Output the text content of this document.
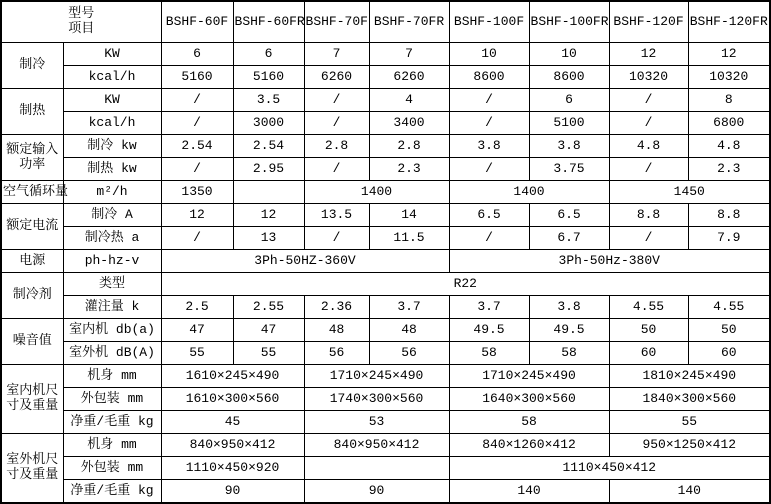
型号
项目		BSHF-60F	BSHF-60FR	BSHF-70F	BSHF-70FR	BSHF-100F	BSHF-100FR	BSHF-120F	BSHF-120FR
制冷	KW	6	6	7	7	10	10	12	12
	kcal/h	5160	5160	6260	6260	8600	8600	10320	10320
制热	KW	/	3.5	/	4	/	6	/	8
	kcal/h	/	3000	/	3400	/	5100	/	6800

额定输入
功率	制冷 kw	2.54	2.54	2.8	2.8	3.8	3.8	4.8	4.8
	制热 kw	/	2.95	/	2.3	/	3.75	/	2.3
空气循环量	m²/h	1350		1400		1400		1450	
额定电流	制冷 A	12	12	13.5	14	6.5	6.5	8.8	8.8
	制冷热 a	/	13	/	11.5	/	6.7	/	7.9
电源	ph-hz-v	3Ph-50HZ-360V				3Ph-50Hz-380V			
制冷剂	类型	R22							
	灌注量 k	2.5	2.55	2.36	3.7	3.7	3.8	4.55	4.55
噪音值	室内机 db(a)	47	47	48	48	49.5	49.5	50	50
	室外机 dB(A)	55	55	56	56	58	58	60	60

室内机尺
寸及重量	机身 mm	1610×245×490		1710×245×490		1710×245×490		1810×245×490	
	外包装 mm	1610×300×560		1740×300×560		1640×300×560		1840×300×560	
	净重/毛重 kg	45		53		58		55	

室外机尺
寸及重量	机身 mm	840×950×412		840×950×412		840×1260×412		950×1250×412	
	外包装 mm	1110×450×920				1110×450×412			
	净重/毛重 kg	90		90		140		140	
